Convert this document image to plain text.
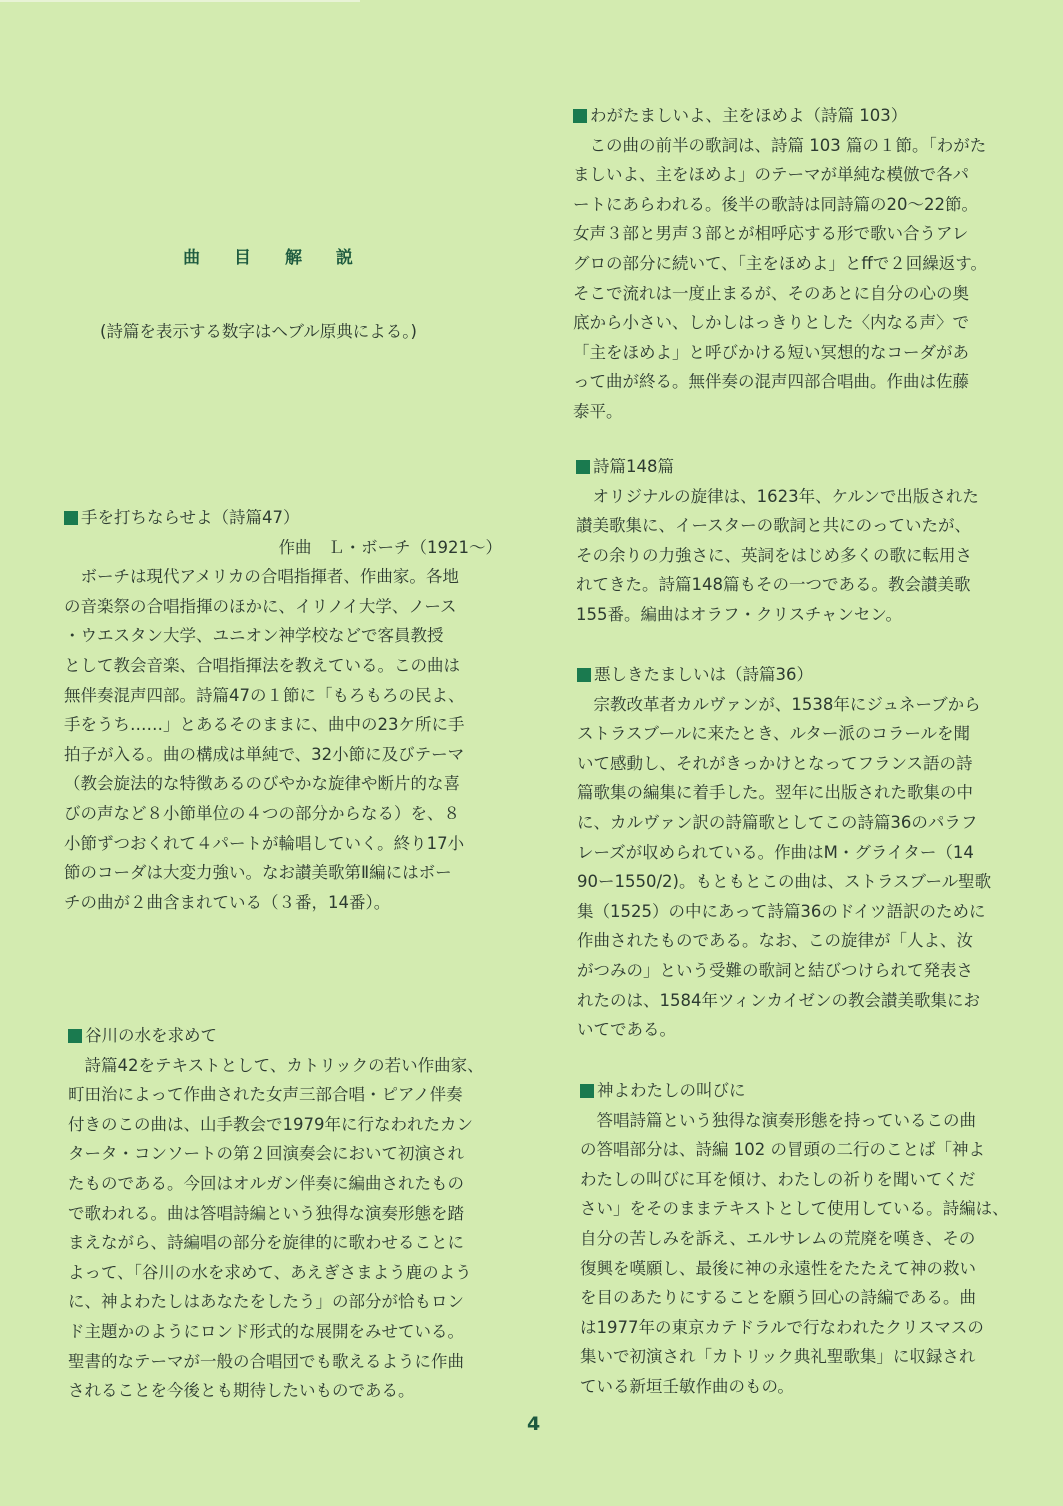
曲 目 解 説
(詩篇を表示する数字はヘブル原典による。)
手を打ちならせよ（詩篇47）
作曲　Ｌ・ボーチ（1921～）
　ボーチは現代アメリカの合唱指揮者、作曲家。各地
の音楽祭の合唱指揮のほかに、イリノイ大学、ノース
・ウエスタン大学、ユニオン神学校などで客員教授
として教会音楽、合唱指揮法を教えている。この曲は
無伴奏混声四部。詩篇47の１節に「もろもろの民よ、
手をうち……」とあるそのままに、曲中の23ケ所に手
拍子が入る。曲の構成は単純で、32小節に及びテーマ
（教会旋法的な特徴あるのびやかな旋律や断片的な喜
びの声など８小節単位の４つの部分からなる）を、８
小節ずつおくれて４パートが輪唱していく。終り17小
節のコーダは大変力強い。なお讃美歌第Ⅱ編にはボー
チの曲が２曲含まれている（３番，14番）。
谷川の水を求めて
　詩篇42をテキストとして、カトリックの若い作曲家、
町田治によって作曲された女声三部合唱・ピアノ伴奏
付きのこの曲は、山手教会で1979年に行なわれたカン
タータ・コンソートの第２回演奏会において初演され
たものである。今回はオルガン伴奏に編曲されたもの
で歌われる。曲は答唱詩編という独得な演奏形態を踏
まえながら、詩編唱の部分を旋律的に歌わせることに
よって、「谷川の水を求めて、あえぎさまよう鹿のよう
に、神よわたしはあなたをしたう」の部分が恰もロン
ド主題かのようにロンド形式的な展開をみせている。
聖書的なテーマが一般の合唱団でも歌えるように作曲
されることを今後とも期待したいものである。
わがたましいよ、主をほめよ（詩篇 103）
　この曲の前半の歌詞は、詩篇 103 篇の１節。「わがた
ましいよ、主をほめよ」のテーマが単純な模倣で各パ
ートにあらわれる。後半の歌詩は同詩篇の20～22節。
女声３部と男声３部とが相呼応する形で歌い合うアレ
グロの部分に続いて、「主をほめよ」とffで２回繰返す。
そこで流れは一度止まるが、そのあとに自分の心の奥
底から小さい、しかしはっきりとした〈内なる声〉で
「主をほめよ」と呼びかける短い冥想的なコーダがあ
って曲が終る。無伴奏の混声四部合唱曲。作曲は佐藤
泰平。
詩篇148篇
　オリジナルの旋律は、1623年、ケルンで出版された
讃美歌集に、イースターの歌詞と共にのっていたが、
その余りの力強さに、英詞をはじめ多くの歌に転用さ
れてきた。詩篇148篇もその一つである。教会讃美歌
155番。編曲はオラフ・クリスチャンセン。
悪しきたましいは（詩篇36）
　宗教改革者カルヴァンが、1538年にジュネーブから
ストラスブールに来たとき、ルター派のコラールを聞
いて感動し、それがきっかけとなってフランス語の詩
篇歌集の編集に着手した。翌年に出版された歌集の中
に、カルヴァン訳の詩篇歌としてこの詩篇36のパラフ
レーズが収められている。作曲はM・グライター（14
90ー1550/2)。もともとこの曲は、ストラスブール聖歌
集（1525）の中にあって詩篇36のドイツ語訳のために
作曲されたものである。なお、この旋律が「人よ、汝
がつみの」という受難の歌詞と結びつけられて発表さ
れたのは、1584年ツィンカイゼンの教会讃美歌集にお
いてである。
神よわたしの叫びに
　答唱詩篇という独得な演奏形態を持っているこの曲
の答唱部分は、詩編 102 の冒頭の二行のことば「神よ
わたしの叫びに耳を傾け、わたしの祈りを聞いてくだ
さい」をそのままテキストとして使用している。詩編は、
自分の苦しみを訴え、エルサレムの荒廃を嘆き、その
復興を嘆願し、最後に神の永遠性をたたえて神の救い
を目のあたりにすることを願う回心の詩編である。曲
は1977年の東京カテドラルで行なわれたクリスマスの
集いで初演され「カトリック典礼聖歌集」に収録され
ている新垣壬敏作曲のもの。
4
